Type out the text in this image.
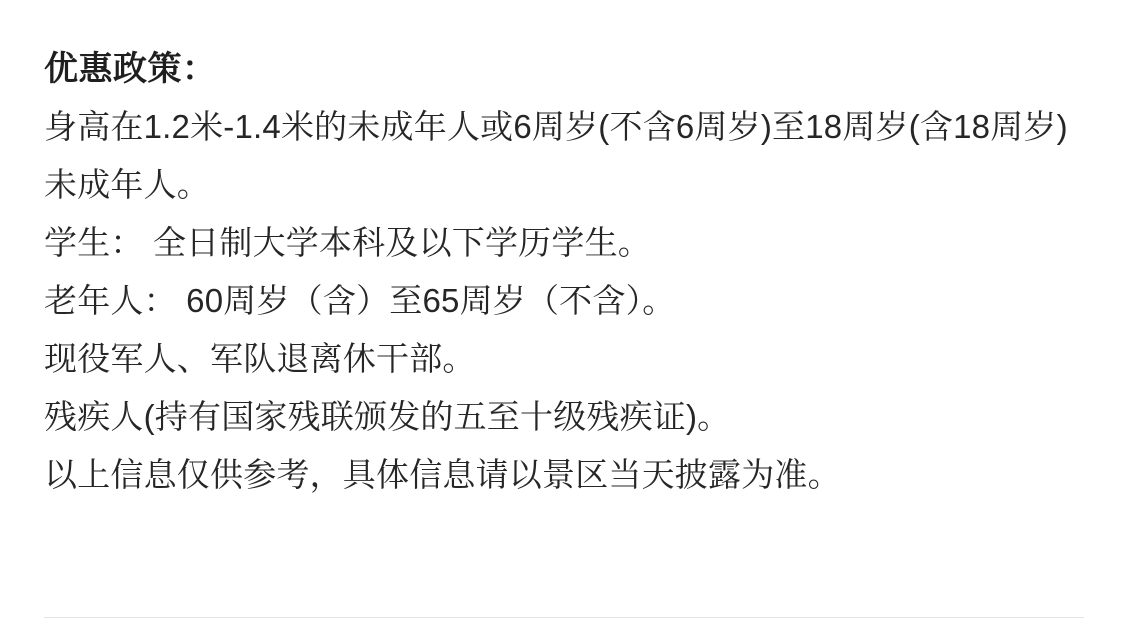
优惠政策：
身高在1.2米-1.4米的未成年人或6周岁(不含6周岁)至18周岁(含18周岁)未成年人。
学生： 全日制大学本科及以下学历学生。
老年人： 60周岁（含）至65周岁（不含）。
现役军人、军队退离休干部。
残疾人(持有国家残联颁发的五至十级残疾证)。
以上信息仅供参考，具体信息请以景区当天披露为准。
